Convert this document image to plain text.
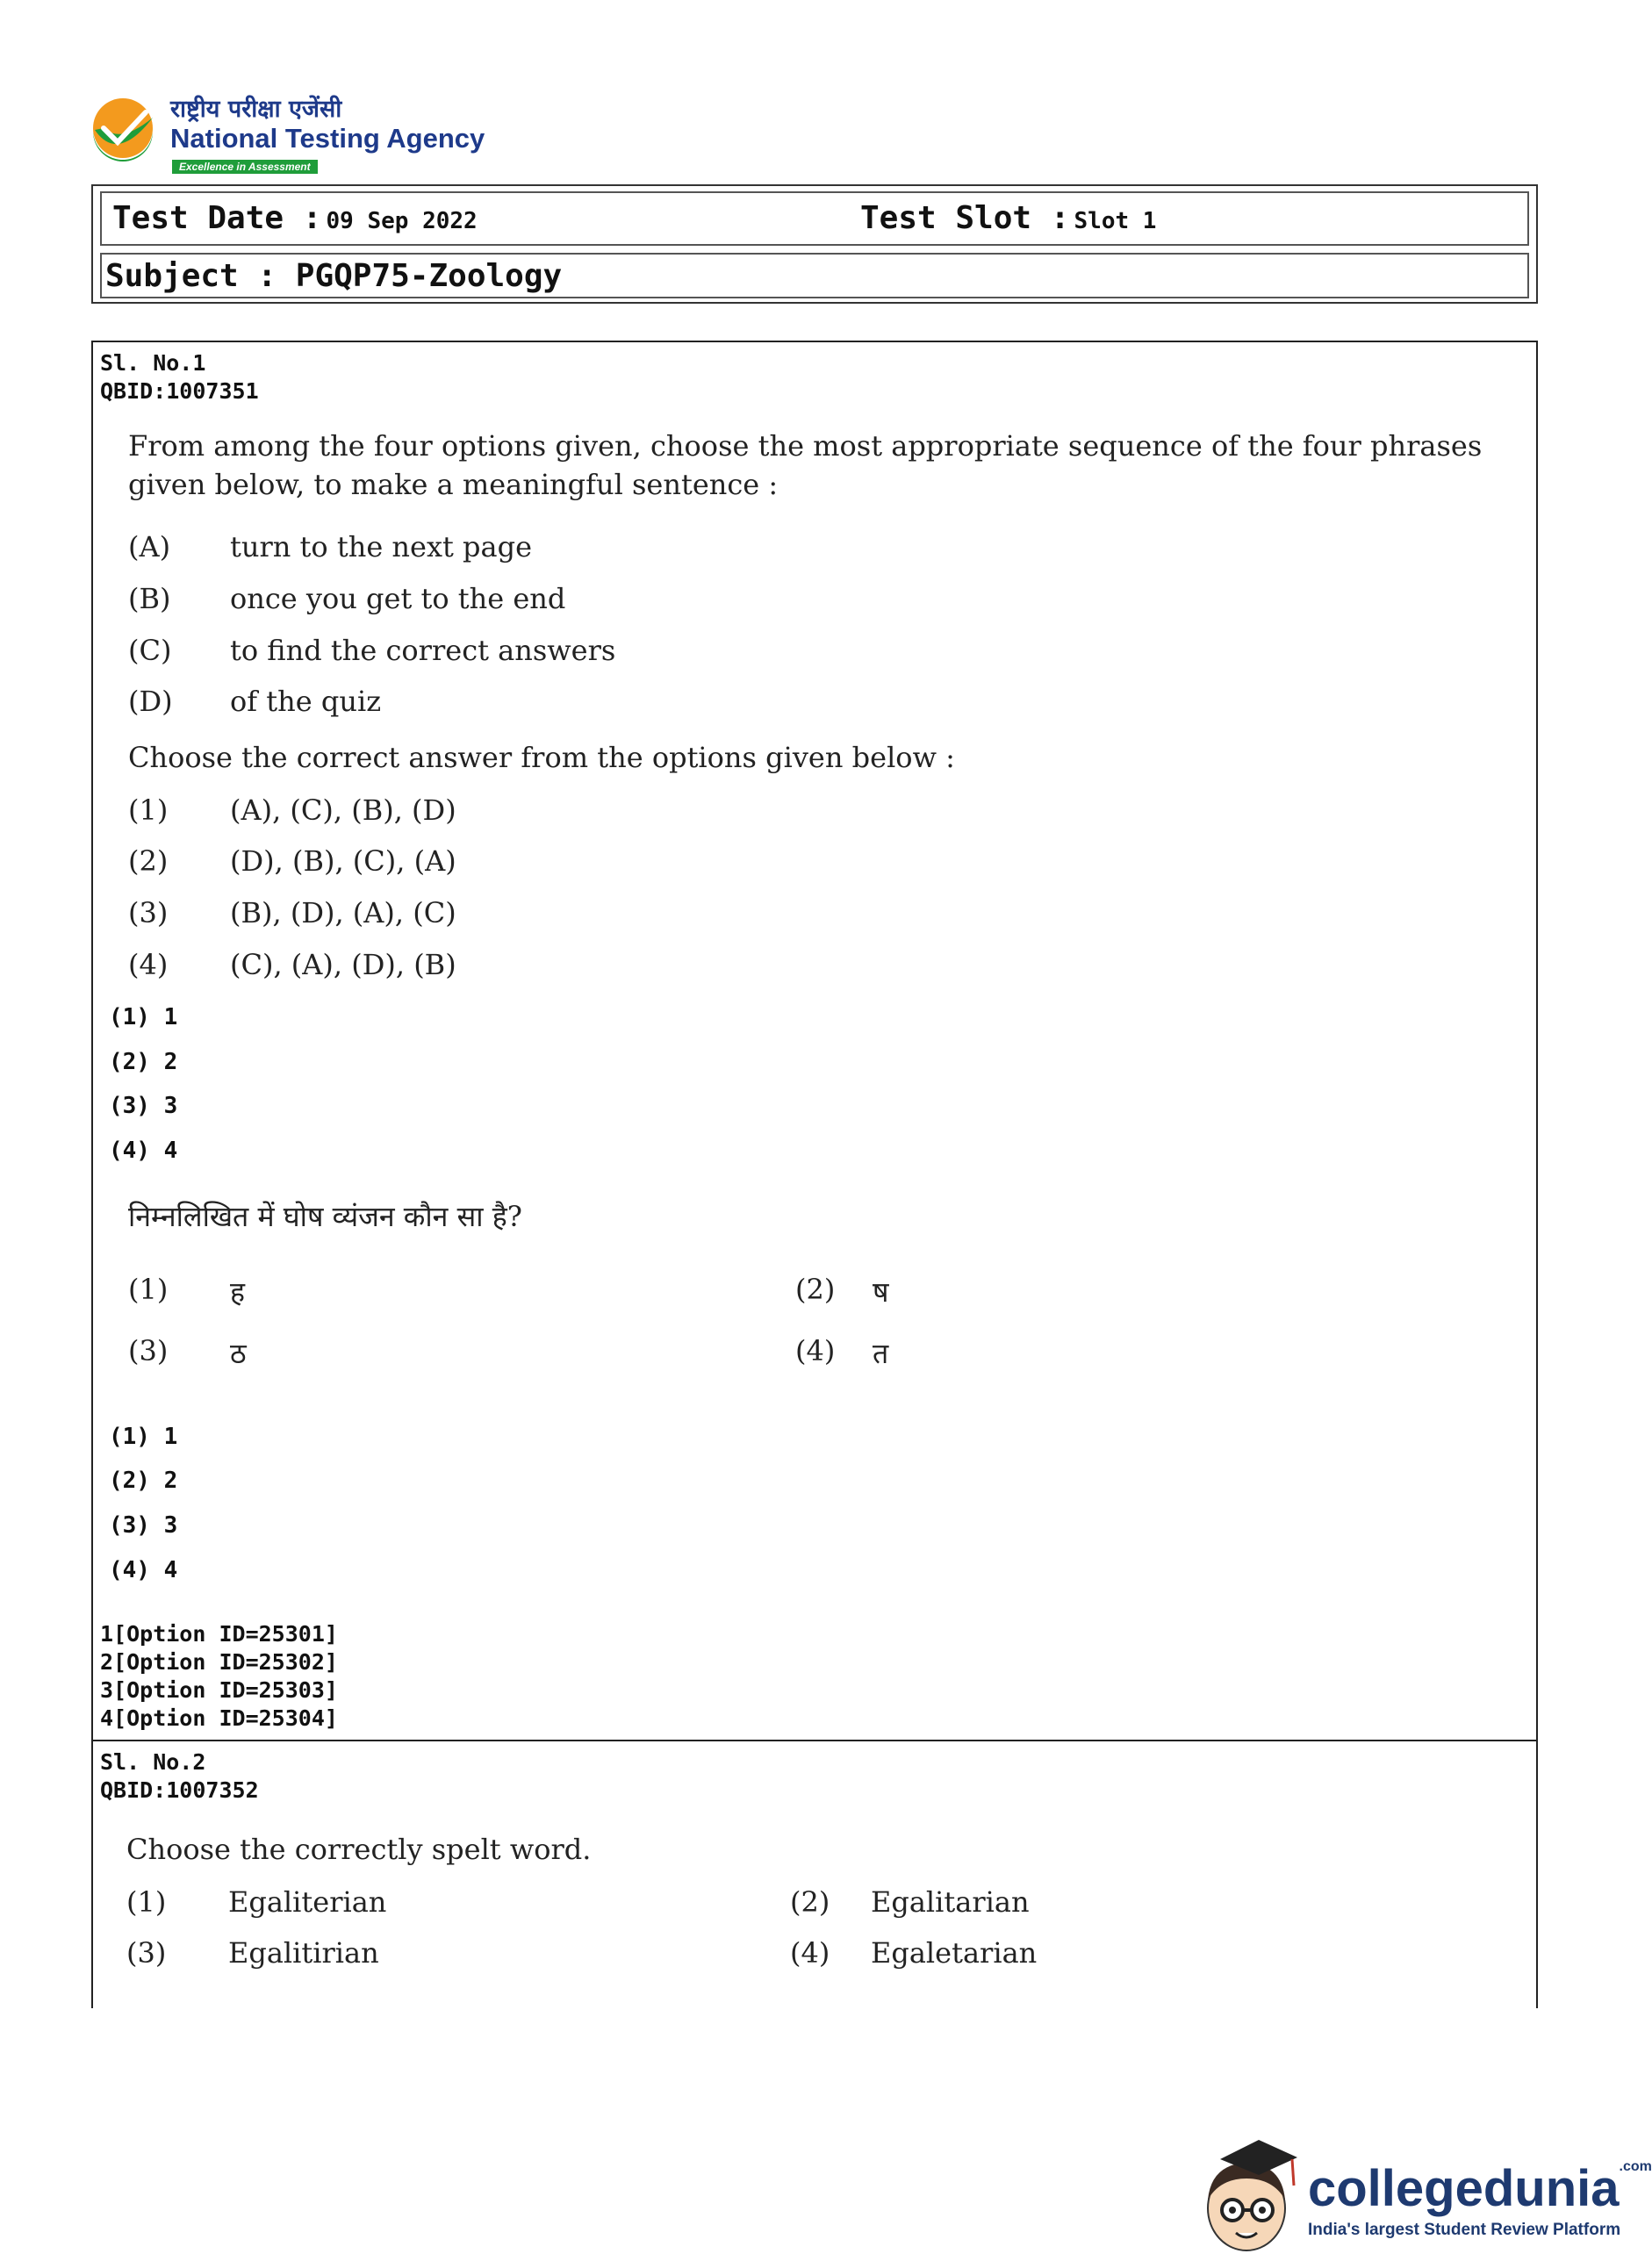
राष्ट्रीय परीक्षा एजेंसी
National Testing Agency
Excellence in Assessment
Test Date : 09 Sep 2022	Test Slot : Slot 1
Subject : PGQP75-Zoology
Sl. No.1
QBID:1007351
From among the four options given, choose the most appropriate sequence of the four phrases given below, to make a meaningful sentence :
(A) turn to the next page
(B) once you get to the end
(C) to find the correct answers
(D) of the quiz
Choose the correct answer from the options given below :
(1) (A), (C), (B), (D)
(2) (D), (B), (C), (A)
(3) (B), (D), (A), (C)
(4) (C), (A), (D), (B)
(1) 1
(2) 2
(3) 3
(4) 4
निम्नलिखित में घोष व्यंजन कौन सा है?
(1) ह	(2) ष
(3) ठ	(4) त
(1) 1
(2) 2
(3) 3
(4) 4
1[Option ID=25301]
2[Option ID=25302]
3[Option ID=25303]
4[Option ID=25304]
Sl. No.2
QBID:1007352
Choose the correctly spelt word.
(1) Egaliterian	(2) Egalitarian
(3) Egalitirian	(4) Egaletarian
collegedunia$^{.com}$
India's largest Student Review Platform
